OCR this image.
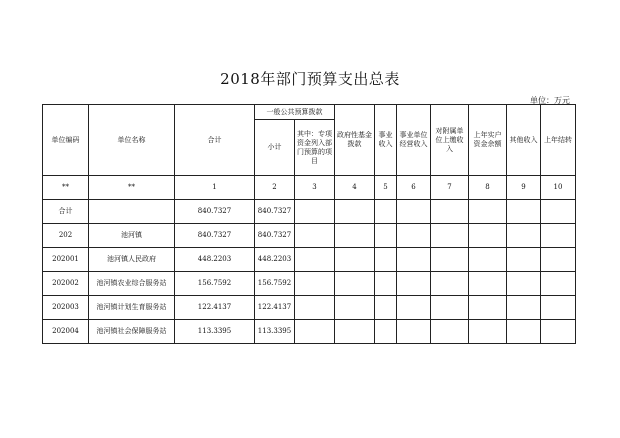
2018年部门预算支出总表
单位：万元
单位编码	单位名称	合计	一般公共预算拨款		政府性基金拨款	事业收入	事业单位经营收入	对附属单位上缴收入	上年实户资金余额	其他收入	上年结转
			小计	其中：专项资金列入部门预算的项目							
**	**	1	2	3	4	5	6	7	8	9	10
合计		840.7327	840.7327								
202	池河镇	840.7327	840.7327								
202001	池河镇人民政府	448.2203	448.2203								
202002	池河镇农业综合服务站	156.7592	156.7592								
202003	池河镇计划生育服务站	122.4137	122.4137								
202004	池河镇社会保障服务站	113.3395	113.3395								
